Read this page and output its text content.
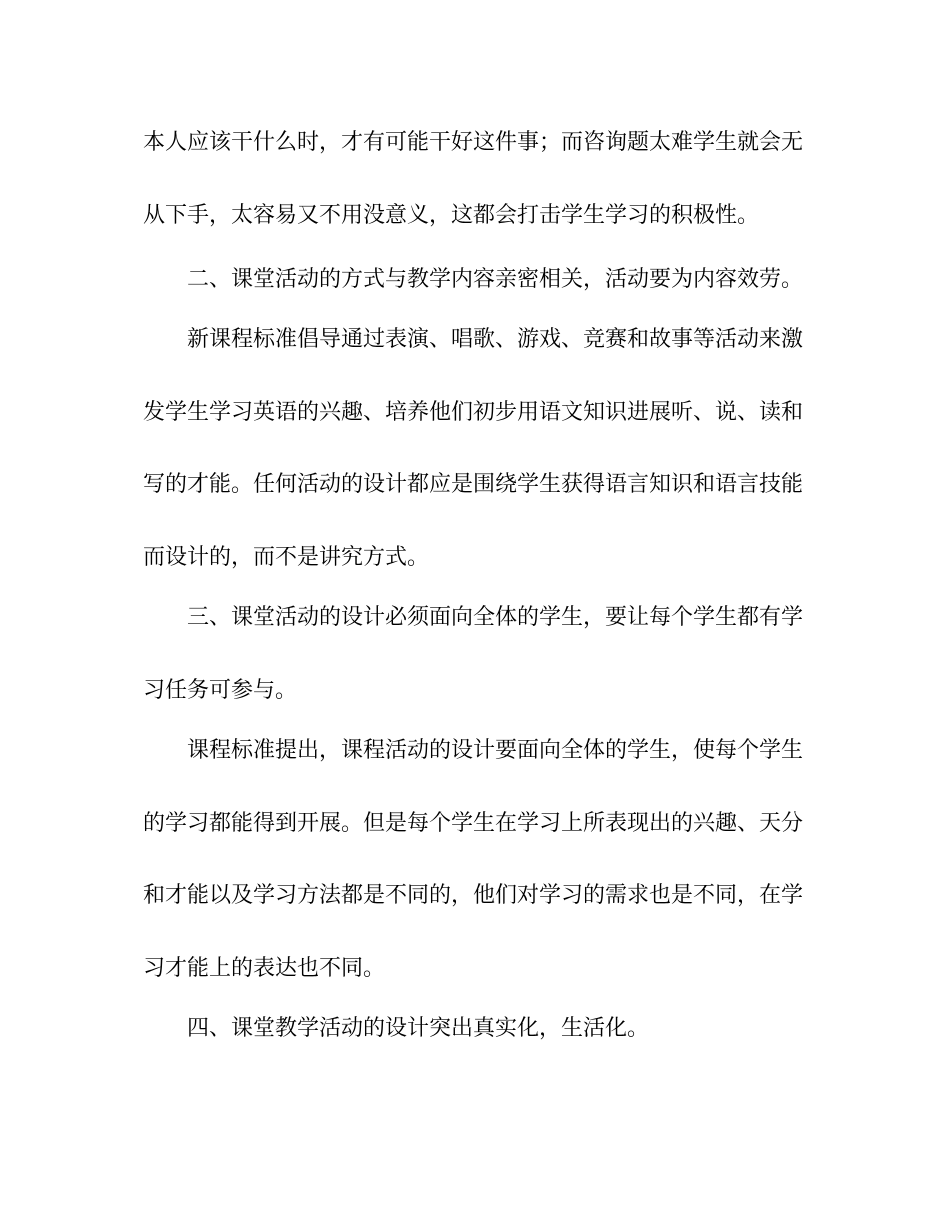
本人应该干什么时，才有可能干好这件事；而咨询题太难学生就会无
从下手，太容易又不用没意义，这都会打击学生学习的积极性。
二、课堂活动的方式与教学内容亲密相关，活动要为内容效劳。
新课程标准倡导通过表演、唱歌、游戏、竞赛和故事等活动来激
发学生学习英语的兴趣、培养他们初步用语文知识进展听、说、读和
写的才能。任何活动的设计都应是围绕学生获得语言知识和语言技能
而设计的，而不是讲究方式。
三、课堂活动的设计必须面向全体的学生，要让每个学生都有学
习任务可参与。
课程标准提出，课程活动的设计要面向全体的学生，使每个学生
的学习都能得到开展。但是每个学生在学习上所表现出的兴趣、天分
和才能以及学习方法都是不同的，他们对学习的需求也是不同，在学
习才能上的表达也不同。
四、课堂教学活动的设计突出真实化，生活化。
